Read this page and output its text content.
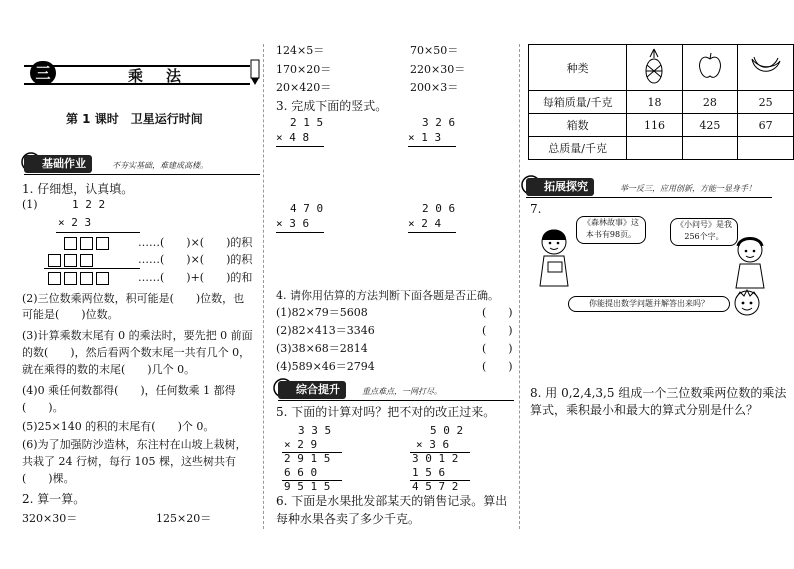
三	乘　法
第 1 课时　卫星运行时间
基础作业	不夯实基础，难建成高楼。
1. 仔细想，认真填。
(1)	1 2 2
× 2 3
……(　　)×(　　)的积
……(　　)×(　　)的积
……(　　)+(　　)的和
(2)三位数乘两位数，积可能是(　　)位数，也
可能是(　　)位数。
(3)计算乘数末尾有 0 的乘法时，要先把 0 前面
的数(　　)，然后看两个数末尾一共有几个 0，
就在乘得的数的末尾(　　)几个 0。
(4)0 乘任何数都得(　　)，任何数乘 1 都得
(　　)。
(5)25×140 的积的末尾有(　　)个 0。
(6)为了加强防沙造林，东注村在山坡上栽树，
共栽了 24 行树，每行 105 棵，这些树共有
(　　)棵。
2. 算一算。
320×30＝	125×20＝
124×5＝	70×50＝
170×20＝	220×30＝
20×420＝	200×3＝
3. 完成下面的竖式。
2 1 5
× 4 8
3 2 6
× 1 3
4 7 0
× 3 6
2 0 6
× 2 4
4. 请你用估算的方法判断下面各题是否正确。
(1)82×79＝5608	(　　)
(2)82×413＝3346	(　　)
(3)38×68＝2814	(　　)
(4)589×46＝2794	(　　)
综合提升	重点难点，一网打尽。
5. 下面的计算对吗？把不对的改正过来。
3 3 5
× 2 9
2 9 1 5
6 6 0
9 5 1 5
5 0 2
× 3 6
3 0 1 2
1 5 6
4 5 7 2
6. 下面是水果批发部某天的销售记录。算出
每种水果各卖了多少千克。
种类			
每箱质量/千克	18	28	25
箱数	116	425	67
总质量/千克			
拓展探究	举一反三，应用创新，方能一显身手！
7.
《森林故事》这
本书有98页。
《小问号》是我
256个字。
你能提出数学问题并解答出来吗？
8. 用 0,2,4,3,5 组成一个三位数乘两位数的乘法
算式，乘积最小和最大的算式分别是什么？
